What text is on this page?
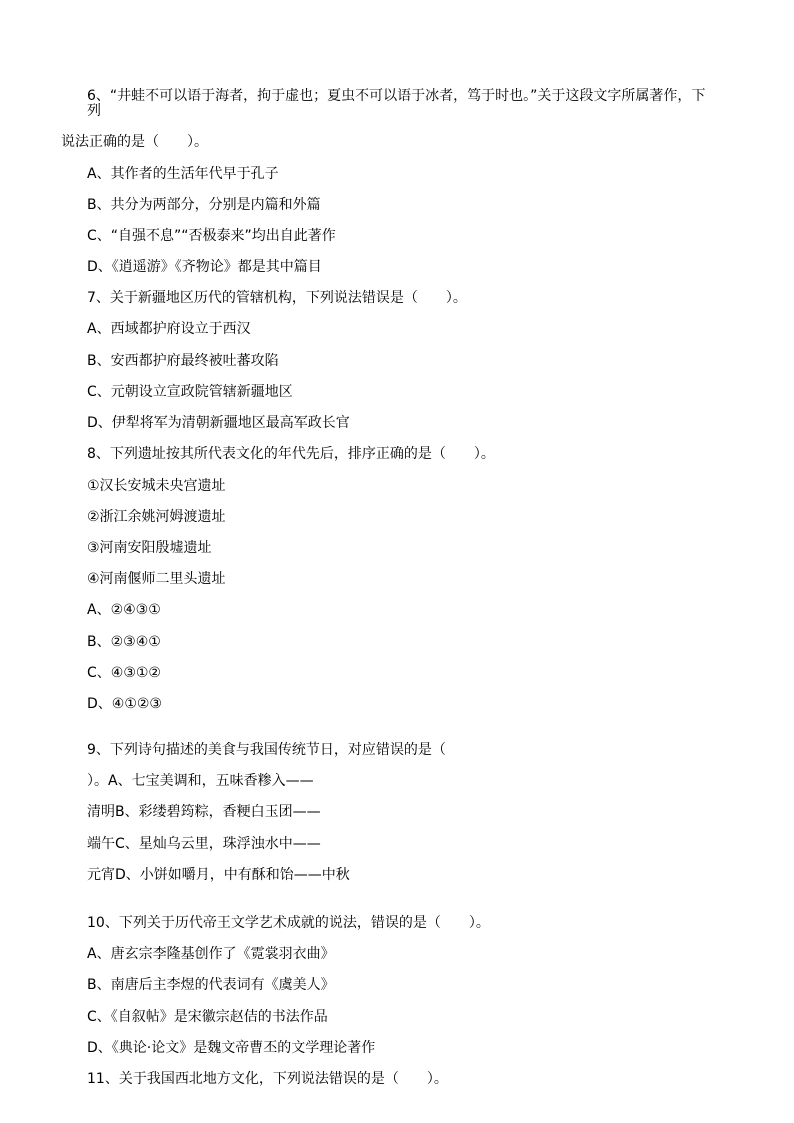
6、“井蛙不可以语于海者，拘于虚也；夏虫不可以语于冰者，笃于时也。”关于这段文字所属著作，下
列
说法正确的是（　　）。
A、其作者的生活年代早于孔子
B、共分为两部分，分别是内篇和外篇
C、“自强不息”“否极泰来”均出自此著作
D、《逍遥游》《齐物论》都是其中篇目
7、关于新疆地区历代的管辖机构，下列说法错误是（　　）。
A、西域都护府设立于西汉
B、安西都护府最终被吐蕃攻陷
C、元朝设立宣政院管辖新疆地区
D、伊犁将军为清朝新疆地区最高军政长官
8、下列遗址按其所代表文化的年代先后，排序正确的是（　　）。
①汉长安城未央宫遗址
②浙江余姚河姆渡遗址
③河南安阳殷墟遗址
④河南偃师二里头遗址
A、②④③①
B、②③④①
C、④③①②
D、④①②③
9、下列诗句描述的美食与我国传统节日，对应错误的是（
）。A、七宝美调和，五味香糁入——
清明B、彩缕碧筠粽，香粳白玉团——
端午C、星灿乌云里，珠浮浊水中——
元宵D、小饼如嚼月，中有酥和饴——中秋
10、下列关于历代帝王文学艺术成就的说法，错误的是（　　）。
A、唐玄宗李隆基创作了《霓裳羽衣曲》
B、南唐后主李煜的代表词有《虞美人》
C、《自叙帖》是宋徽宗赵佶的书法作品
D、《典论·论文》是魏文帝曹丕的文学理论著作
11、关于我国西北地方文化，下列说法错误的是（　　）。
